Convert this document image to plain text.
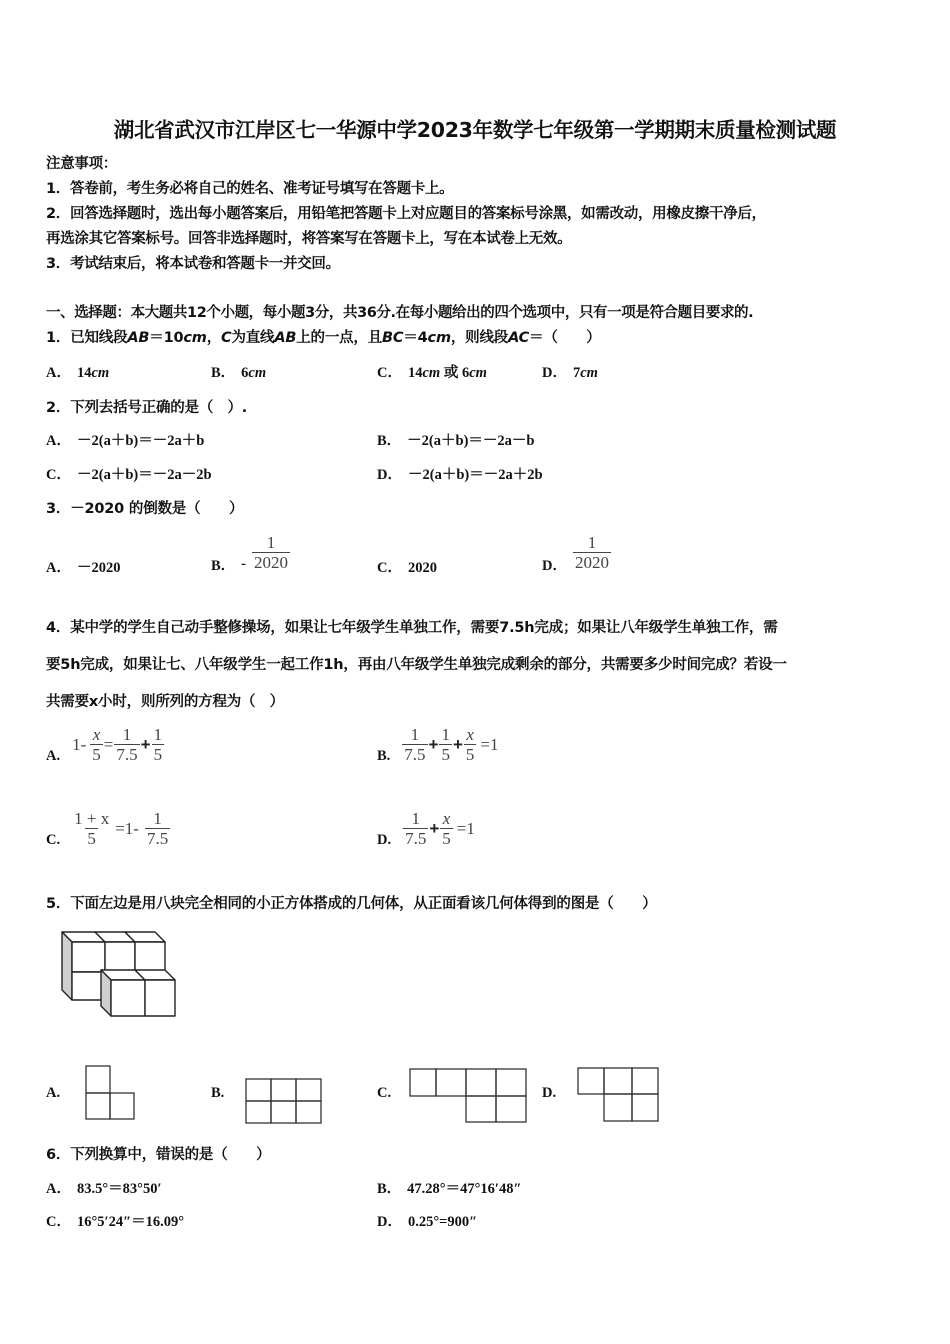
湖北省武汉市江岸区七一华源中学2023年数学七年级第一学期期末质量检测试题
注意事项：
1．答卷前，考生务必将自己的姓名、准考证号填写在答题卡上。
2．回答选择题时，选出每小题答案后，用铅笔把答题卡上对应题目的答案标号涂黑，如需改动，用橡皮擦干净后，
再选涂其它答案标号。回答非选择题时，将答案写在答题卡上，写在本试卷上无效。
3．考试结束后，将本试卷和答题卡一并交回。
一、选择题：本大题共12个小题，每小题3分，共36分.在每小题给出的四个选项中，只有一项是符合题目要求的.
1．已知线段AB＝10cm，C为直线AB上的一点，且BC＝4cm，则线段AC＝（　　）
A． 14cm	B． 6cm	C． 14cm 或 6cm	D． 7cm
2．下列去括号正确的是（　）.
A． －2(a＋b)＝－2a＋b	B． －2(a＋b)＝－2a－b
C． －2(a＋b)＝－2a－2b	D． －2(a＋b)＝－2a＋2b
3．－2020 的倒数是（　　）
A． －2020	B． - $\frac{1}{2020}$	C． 2020	D． $\frac{1}{2020}$
4．某中学的学生自己动手整修操场，如果让七年级学生单独工作，需要7.5h完成；如果让八年级学生单独工作，需
要5h完成，如果让七、八年级学生一起工作1h，再由八年级学生单独完成剩余的部分，共需要多少时间完成？若设一
共需要x小时，则所列的方程为（　）
A.
$1- \frac{x}{5} = \frac{1}{7.5} + \frac{1}{5}$	B. $\frac{1}{7.5} + \frac{1}{5} + \frac{x}{5} =1$
C. $\frac{1 + x}{5} =1- \frac{1}{7.5}$	D. $\frac{1}{7.5} + \frac{x}{5} =1$
5．下面左边是用八块完全相同的小正方体搭成的几何体，从正面看该几何体得到的图是（　　）
A.	B.	C.	D.
6．下列换算中，错误的是（　　）
A． 83.5°＝83°50′	B． 47.28°＝47°16′48″
C． 16°5′24″＝16.09°	D． 0.25°=900″
